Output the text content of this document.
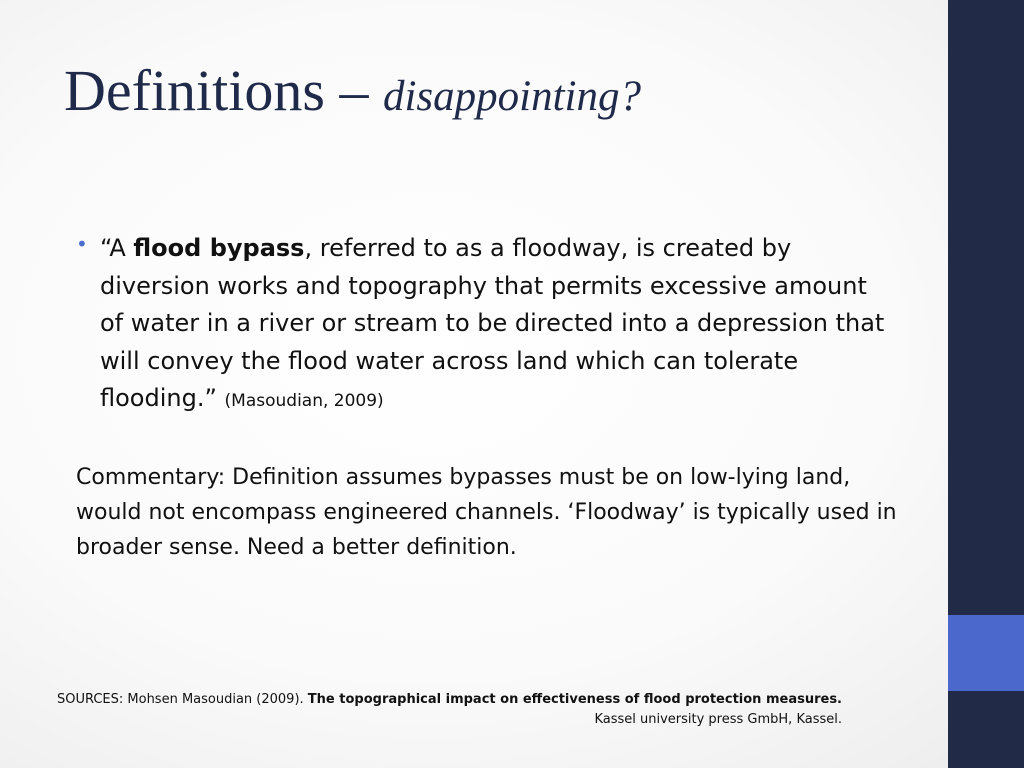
Definitions – disappointing?
• “A flood bypass, referred to as a floodway, is created by diversion works and topography that permits excessive amount of water in a river or stream to be directed into a depression that will convey the flood water across land which can tolerate flooding.” (Masoudian, 2009)

Commentary: Definition assumes bypasses must be on low-lying land, would not encompass engineered channels. ‘Floodway’ is typically used in broader sense. Need a better definition.

SOURCES: Mohsen Masoudian (2009). The topographical impact on effectiveness of flood protection measures.
Kassel university press GmbH, Kassel.
